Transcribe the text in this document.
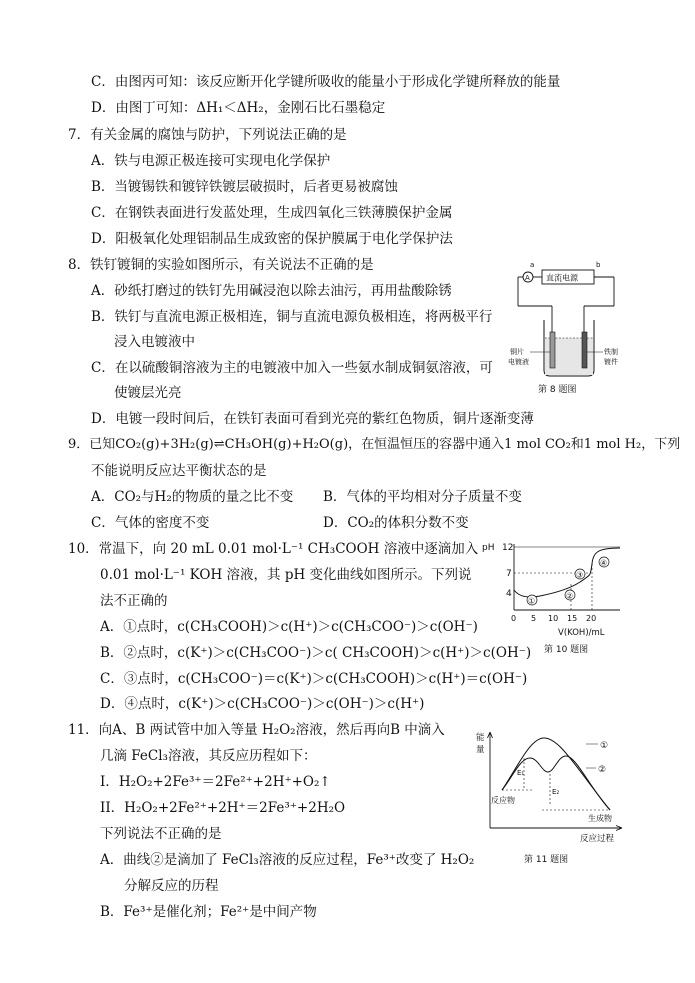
C．由图丙可知：该反应断开化学键所吸收的能量小于形成化学键所释放的能量
D．由图丁可知：ΔH₁＜ΔH₂，金刚石比石墨稳定
7．有关金属的腐蚀与防护，下列说法正确的是
A．铁与电源正极连接可实现电化学保护
B．当镀锡铁和镀锌铁镀层破损时，后者更易被腐蚀
C．在钢铁表面进行发蓝处理，生成四氧化三铁薄膜保护金属
D．阳极氧化处理铝制品生成致密的保护膜属于电化学保护法
8．铁钉镀铜的实验如图所示，有关说法不正确的是
A．砂纸打磨过的铁钉先用碱浸泡以除去油污，再用盐酸除锈
B．铁钉与直流电源正极相连，铜与直流电源负极相连，将两极平行
浸入电镀液中
C．在以硫酸铜溶液为主的电镀液中加入一些氨水制成铜氨溶液，可
使镀层光亮
D．电镀一段时间后，在铁钉表面可看到光亮的紫红色物质，铜片逐渐变薄
a	b
A 直流电源
铜片
电镀液
铁制
镀件
第 8 题图
9．已知CO₂(g)+3H₂(g)⇌CH₃OH(g)+H₂O(g)，在恒温恒压的容器中通入1 mol CO₂和1 mol H₂，下列
不能说明反应达平衡状态的是
A．CO₂与H₂的物质的量之比不变 B．气体的平均相对分子质量不变
C．气体的密度不变	D．CO₂的体积分数不变
10．常温下，向 20 mL 0.01 mol·L⁻¹ CH₃COOH 溶液中逐滴加入
0.01 mol·L⁻¹ KOH 溶液，其 pH 变化曲线如图所示。下列说
法不正确的
A．①点时，c(CH₃COOH)＞c(H⁺)＞c(CH₃COO⁻)＞c(OH⁻)
B．②点时，c(K⁺)＞c(CH₃COO⁻)＞c( CH₃COOH)＞c(H⁺)＞c(OH⁻)
C．③点时，c(CH₃COO⁻)＝c(K⁺)＞c(CH₃COOH)＞c(H⁺)＝c(OH⁻)
D．④点时，c(K⁺)＞c(CH₃COO⁻)＞c(OH⁻)＞c(H⁺)
pH 12
7
4
①
②
③
④
0 5 10 15 20
V(KOH)/mL
第 10 题图
11．向A、B 两试管中加入等量 H₂O₂溶液，然后再向B 中滴入
几滴 FeCl₃溶液，其反应历程如下：
I．H₂O₂+2Fe³⁺＝2Fe²⁺+2H⁺+O₂↑
II．H₂O₂+2Fe²⁺+2H⁺＝2Fe³⁺+2H₂O
下列说法不正确的是
A．曲线②是滴加了 FeCl₃溶液的反应过程，Fe³⁺改变了 H₂O₂
分解反应的历程
B．Fe³⁺是催化剂；Fe²⁺是中间产物
能
量
E₁
E₂
反应物
生成物
①
②
反应过程
第 11 题图
